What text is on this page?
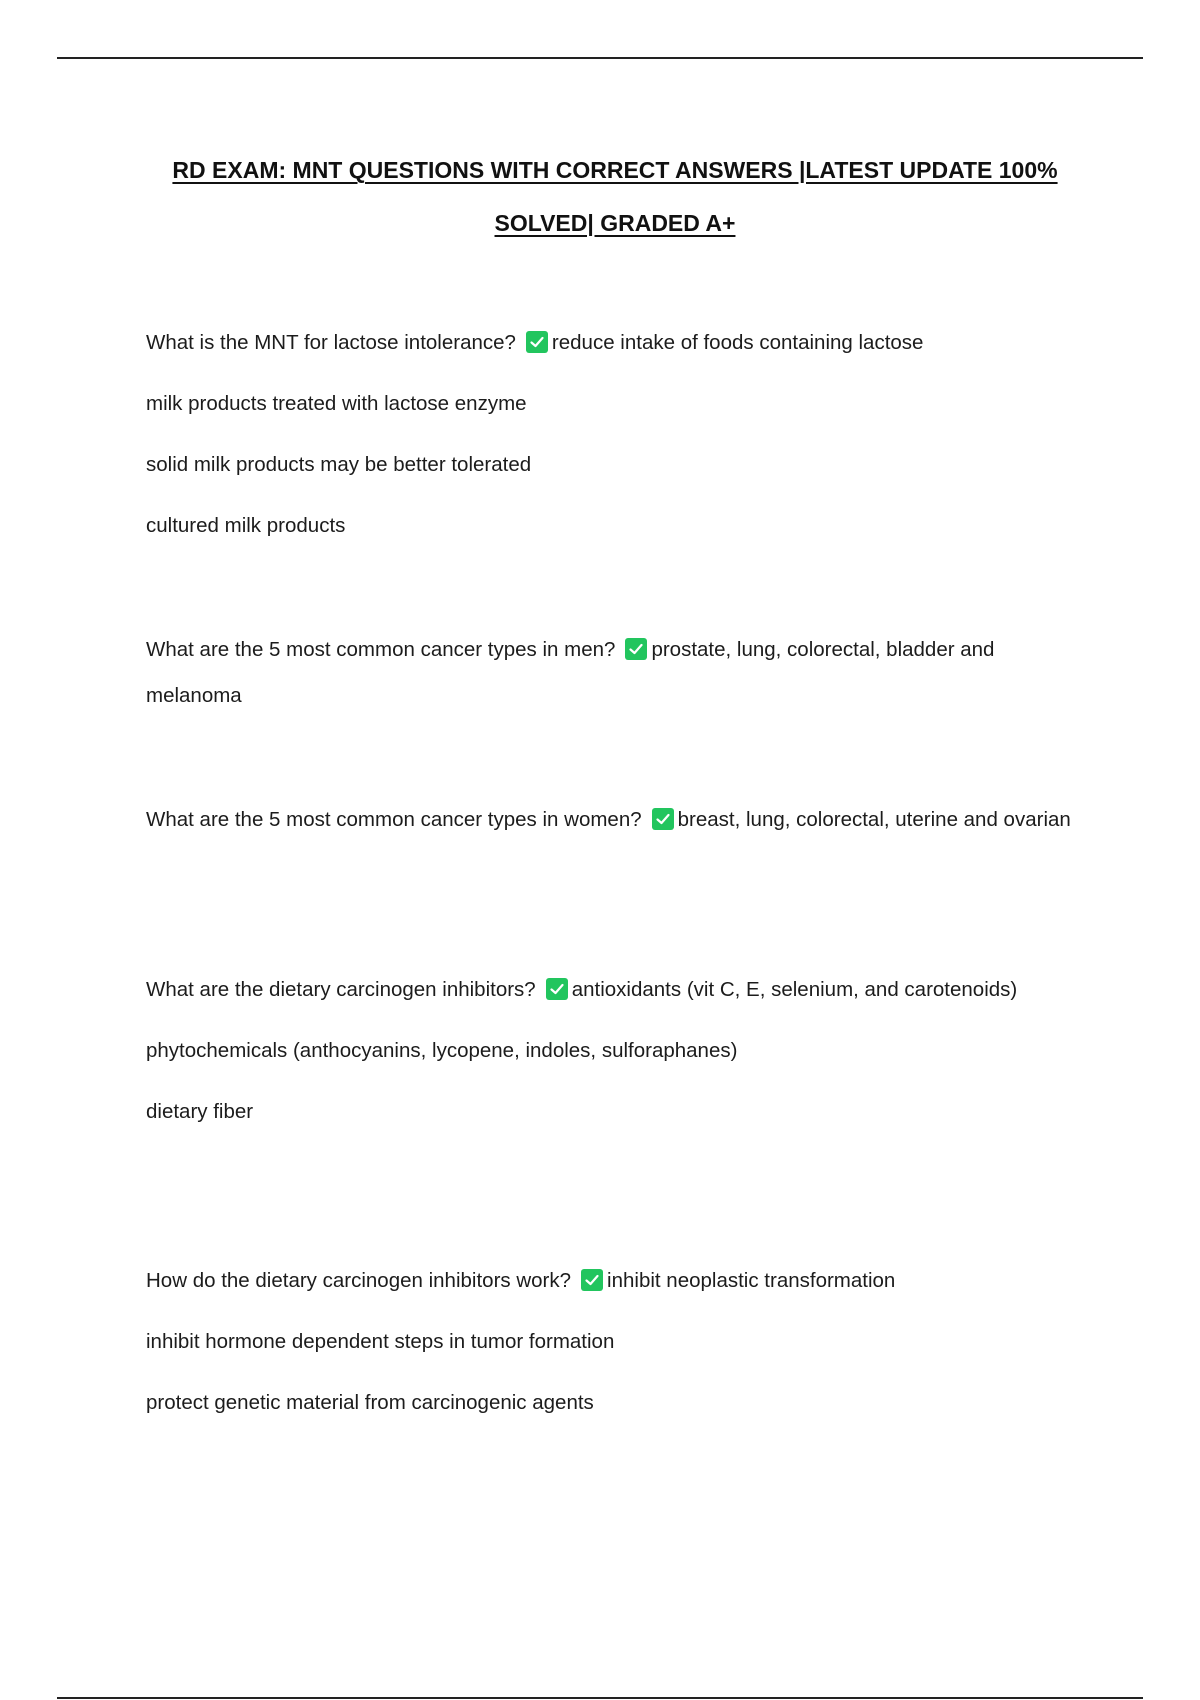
RD EXAM: MNT QUESTIONS WITH CORRECT ANSWERS |LATEST UPDATE 100% SOLVED| GRADED A+

What is the MNT for lactose intolerance? reduce intake of foods containing lactose

milk products treated with lactose enzyme

solid milk products may be better tolerated

cultured milk products

What are the 5 most common cancer types in men? prostate, lung, colorectal, bladder and melanoma

What are the 5 most common cancer types in women? breast, lung, colorectal, uterine and ovarian

What are the dietary carcinogen inhibitors? antioxidants (vit C, E, selenium, and carotenoids)

phytochemicals (anthocyanins, lycopene, indoles, sulforaphanes)

dietary fiber

How do the dietary carcinogen inhibitors work? inhibit neoplastic transformation

inhibit hormone dependent steps in tumor formation

protect genetic material from carcinogenic agents
